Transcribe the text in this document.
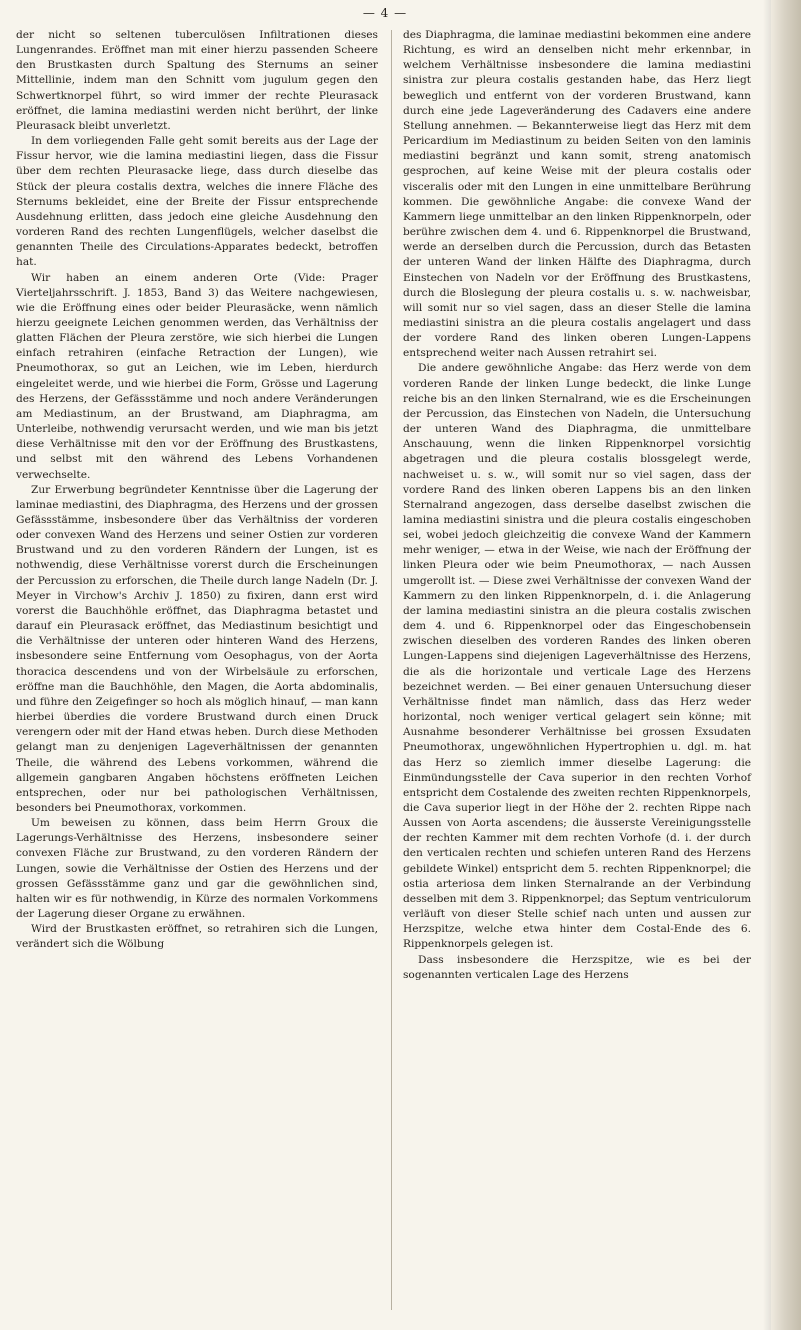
— 4 —

der nicht so seltenen tuberculösen Infiltrationen dieses Lungenrandes. Eröffnet man mit einer hierzu passenden Scheere den Brustkasten durch Spaltung des Sternums an seiner Mittellinie, indem man den Schnitt vom jugulum gegen den Schwertknorpel führt, so wird immer der rechte Pleurasack eröffnet, die lamina mediastini werden nicht berührt, der linke Pleurasack bleibt unverletzt.

In dem vorliegenden Falle geht somit bereits aus der Lage der Fissur hervor, wie die lamina mediastini liegen, dass die Fissur über dem rechten Pleurasacke liege, dass durch dieselbe das Stück der pleura costalis dextra, welches die innere Fläche des Sternums bekleidet, eine der Breite der Fissur entsprechende Ausdehnung erlitten, dass jedoch eine gleiche Ausdehnung den vorderen Rand des rechten Lungenflügels, welcher daselbst die genannten Theile des Circulations-Apparates bedeckt, betroffen hat.

Wir haben an einem anderen Orte (Vide: Prager Vierteljahrsschrift. J. 1853, Band 3) das Weitere nachgewiesen, wie die Eröffnung eines oder beider Pleurasäcke, wenn nämlich hierzu geeignete Leichen genommen werden, das Verhältniss der glatten Flächen der Pleura zerstöre, wie sich hierbei die Lungen einfach retrahiren (einfache Retraction der Lungen), wie Pneumothorax, so gut an Leichen, wie im Leben, hierdurch eingeleitet werde, und wie hierbei die Form, Grösse und Lagerung des Herzens, der Gefässstämme und noch andere Veränderungen am Mediastinum, an der Brustwand, am Diaphragma, am Unterleibe, nothwendig verursacht werden, und wie man bis jetzt diese Verhältnisse mit den vor der Eröffnung des Brustkastens, und selbst mit den während des Lebens Vorhandenen verwechselte.

Zur Erwerbung begründeter Kenntnisse über die Lagerung der laminae mediastini, des Diaphragma, des Herzens und der grossen Gefässstämme, insbesondere über das Verhältniss der vorderen oder convexen Wand des Herzens und seiner Ostien zur vorderen Brustwand und zu den vorderen Rändern der Lungen, ist es nothwendig, diese Verhältnisse vorerst durch die Erscheinungen der Percussion zu erforschen, die Theile durch lange Nadeln (Dr. J. Meyer in Virchow's Archiv J. 1850) zu fixiren, dann erst wird vorerst die Bauchhöhle eröffnet, das Diaphragma betastet und darauf ein Pleurasack eröffnet, das Mediastinum besichtigt und die Verhältnisse der unteren oder hinteren Wand des Herzens, insbesondere seine Entfernung vom Oesophagus, von der Aorta thoracica descendens und von der Wirbelsäule zu erforschen, eröffne man die Bauchhöhle, den Magen, die Aorta abdominalis, und führe den Zeigefinger so hoch als möglich hinauf, — man kann hierbei überdies die vordere Brustwand durch einen Druck verengern oder mit der Hand etwas heben. Durch diese Methoden gelangt man zu denjenigen Lageverhältnissen der genannten Theile, die während des Lebens vorkommen, während die allgemein gangbaren Angaben höchstens eröffneten Leichen entsprechen, oder nur bei pathologischen Verhältnissen, besonders bei Pneumothorax, vorkommen.

Um beweisen zu können, dass beim Herrn Groux die Lagerungs-Verhältnisse des Herzens, insbesondere seiner convexen Fläche zur Brustwand, zu den vorderen Rändern der Lungen, sowie die Verhältnisse der Ostien des Herzens und der grossen Gefässstämme ganz und gar die gewöhnlichen sind, halten wir es für nothwendig, in Kürze des normalen Vorkommens der Lagerung dieser Organe zu erwähnen.

Wird der Brustkasten eröffnet, so retrahiren sich die Lungen, verändert sich die Wölbung

des Diaphragma, die laminae mediastini bekommen eine andere Richtung, es wird an denselben nicht mehr erkennbar, in welchem Verhältnisse insbesondere die lamina mediastini sinistra zur pleura costalis gestanden habe, das Herz liegt beweglich und entfernt von der vorderen Brustwand, kann durch eine jede Lageveränderung des Cadavers eine andere Stellung annehmen. — Bekannterweise liegt das Herz mit dem Pericardium im Mediastinum zu beiden Seiten von den laminis mediastini begränzt und kann somit, streng anatomisch gesprochen, auf keine Weise mit der pleura costalis oder visceralis oder mit den Lungen in eine unmittelbare Berührung kommen. Die gewöhnliche Angabe: die convexe Wand der Kammern liege unmittelbar an den linken Rippenknorpeln, oder berühre zwischen dem 4. und 6. Rippenknorpel die Brustwand, werde an derselben durch die Percussion, durch das Betasten der unteren Wand der linken Hälfte des Diaphragma, durch Einstechen von Nadeln vor der Eröffnung des Brustkastens, durch die Bloslegung der pleura costalis u. s. w. nachweisbar, will somit nur so viel sagen, dass an dieser Stelle die lamina mediastini sinistra an die pleura costalis angelagert und dass der vordere Rand des linken oberen Lungen-Lappens entsprechend weiter nach Aussen retrahirt sei.

Die andere gewöhnliche Angabe: das Herz werde von dem vorderen Rande der linken Lunge bedeckt, die linke Lunge reiche bis an den linken Sternalrand, wie es die Erscheinungen der Percussion, das Einstechen von Nadeln, die Untersuchung der unteren Wand des Diaphragma, die unmittelbare Anschauung, wenn die linken Rippenknorpel vorsichtig abgetragen und die pleura costalis blossgelegt werde, nachweiset u. s. w., will somit nur so viel sagen, dass der vordere Rand des linken oberen Lappens bis an den linken Sternalrand angezogen, dass derselbe daselbst zwischen die lamina mediastini sinistra und die pleura costalis eingeschoben sei, wobei jedoch gleichzeitig die convexe Wand der Kammern mehr weniger, — etwa in der Weise, wie nach der Eröffnung der linken Pleura oder wie beim Pneumothorax, — nach Aussen umgerollt ist. — Diese zwei Verhältnisse der convexen Wand der Kammern zu den linken Rippenknorpeln, d. i. die Anlagerung der lamina mediastini sinistra an die pleura costalis zwischen dem 4. und 6. Rippenknorpel oder das Eingeschobensein zwischen dieselben des vorderen Randes des linken oberen Lungen-Lappens sind diejenigen Lageverhältnisse des Herzens, die als die horizontale und verticale Lage des Herzens bezeichnet werden. — Bei einer genauen Untersuchung dieser Verhältnisse findet man nämlich, dass das Herz weder horizontal, noch weniger vertical gelagert sein könne; mit Ausnahme besonderer Verhältnisse bei grossen Exsudaten Pneumothorax, ungewöhnlichen Hypertrophien u. dgl. m. hat das Herz so ziemlich immer dieselbe Lagerung: die Einmündungsstelle der Cava superior in den rechten Vorhof entspricht dem Costalende des zweiten rechten Rippenknorpels, die Cava superior liegt in der Höhe der 2. rechten Rippe nach Aussen von Aorta ascendens; die äusserste Vereinigungsstelle der rechten Kammer mit dem rechten Vorhofe (d. i. der durch den verticalen rechten und schiefen unteren Rand des Herzens gebildete Winkel) entspricht dem 5. rechten Rippenknorpel; die ostia arteriosa dem linken Sternalrande an der Verbindung desselben mit dem 3. Rippenknorpel; das Septum ventriculorum verläuft von dieser Stelle schief nach unten und aussen zur Herzspitze, welche etwa hinter dem Costal-Ende des 6. Rippenknorpels gelegen ist.

Dass insbesondere die Herzspitze, wie es bei der sogenannten verticalen Lage des Herzens
